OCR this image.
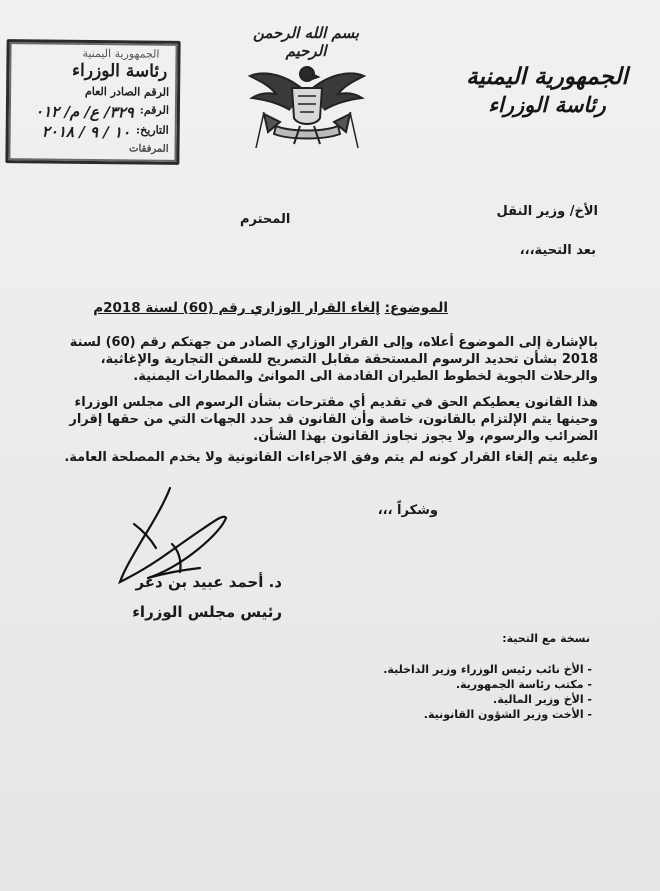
الجمهورية اليمنية
رئاسة الوزراء
بسم الله الرحمن الرحيم
الجمهورية اليمنية
رئاسة الوزراء
الرقم الصادر العام
الرقم:
٣٢٩/ ع/ م/ ٠١٢
التاريخ:
١٠ / ٩ / ٢٠١٨
المرفقات
الأخ/ وزير النقل
المحترم
بعد التحية،،،
الموضوع: إلغاء القرار الوزاري رقم (60) لسنة 2018م
بالإشارة إلى الموضوع أعلاه، وإلى القرار الوزاري الصادر من جهتكم رقم (60) لسنة 2018 بشأن تحديد الرسوم المستحقة مقابل التصريح للسفن التجارية والإغاثية، والرحلات الجوية لخطوط الطيران القادمة الى الموانئ والمطارات اليمنية.
هذا القانون يعطيكم الحق في تقديم أي مقترحات بشأن الرسوم الى مجلس الوزراء وحينها يتم الإلتزام بالقانون، خاصة وأن القانون قد حدد الجهات التي من حقها إقرار الضرائب والرسوم، ولا يجوز تجاوز القانون بهذا الشأن.
وعليه يتم إلغاء القرار كونه لم يتم وفق الاجراءات القانونية ولا يخدم المصلحة العامة.
وشكراً ،،،
د. أحمد عبيد بن دغر
رئيس مجلس الوزراء
نسخة مع التحية:
- الأخ نائب رئيس الوزراء وزير الداخلية.
- مكتب رئاسة الجمهورية.
- الأخ وزير المالية.
- الأخت وزير الشؤون القانونية.
